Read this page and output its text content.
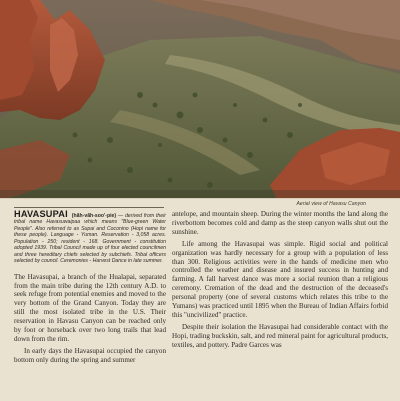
Aerial view of Havasu Canyon

HAVASUPAI (hăh-văh-soo'-pie) — derived from their tribal name Havasuwaipaa which means "Blue-green Water People". Also referred to as Supai and Coconino (Hopi name for these people). Language - Yuman. Reservation - 3,058 acres. Population - 250; resident - 168. Government - constitution adopted 1939. Tribal Council made up of four elected councilmen and three hereditary chiefs selected by subchiefs. Tribal officers selected by council. Ceremonies - Harvest Dance in late summer.

The Havasupai, a branch of the Hualapai, separated from the main tribe during the 12th century A.D. to seek refuge from potential enemies and moved to the very bottom of the Grand Canyon. Today they are still the most isolated tribe in the U.S. Their reservation in Havasu Canyon can be reached only by foot or horseback over two long trails that lead down from the rim.

In early days the Havasupai occupied the canyon bottom only during the spring and summer

antelope, and mountain sheep. During the winter months the land along the riverbottom becomes cold and damp as the steep canyon walls shut out the sunshine.

Life among the Havasupai was simple. Rigid social and political organization was hardly necessary for a group with a population of less than 300. Religious activities were in the hands of medicine men who controlled the weather and disease and insured success in hunting and farming. A fall harvest dance was more a social reunion than a religious ceremony. Cremation of the dead and the destruction of the deceased's personal property (one of several customs which relates this tribe to the Yumans) was practiced until 1895 when the Bureau of Indian Affairs forbid this "uncivilized" practice.

Despite their isolation the Havasupai had considerable contact with the Hopi, trading buckskin, salt, and red mineral paint for agricultural products, textiles, and pottery. Padre Garces was
